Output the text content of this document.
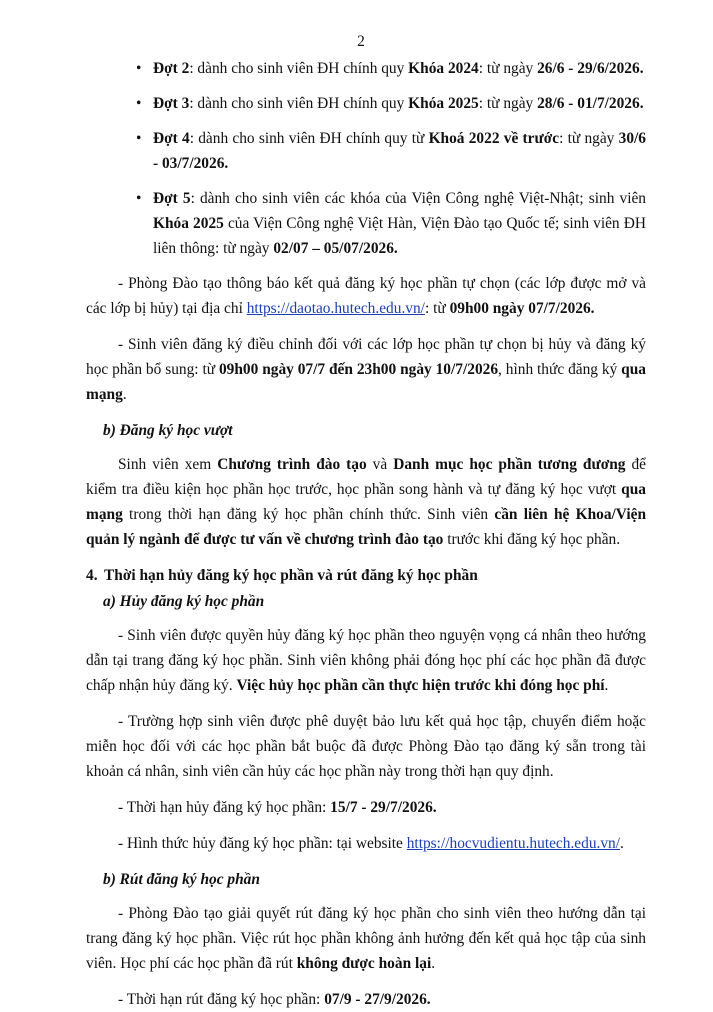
2
• Đợt 2: dành cho sinh viên ĐH chính quy Khóa 2024: từ ngày 26/6 - 29/6/2026.
• Đợt 3: dành cho sinh viên ĐH chính quy Khóa 2025: từ ngày 28/6 - 01/7/2026.
• Đợt 4: dành cho sinh viên ĐH chính quy từ Khoá 2022 về trước: từ ngày 30/6 - 03/7/2026.
• Đợt 5: dành cho sinh viên các khóa của Viện Công nghệ Việt-Nhật; sinh viên Khóa 2025 của Viện Công nghệ Việt Hàn, Viện Đào tạo Quốc tế; sinh viên ĐH liên thông: từ ngày 02/07 – 05/07/2026.

- Phòng Đào tạo thông báo kết quả đăng ký học phần tự chọn (các lớp được mở và các lớp bị hủy) tại địa chỉ https://daotao.hutech.edu.vn/: từ 09h00 ngày 07/7/2026.

- Sinh viên đăng ký điều chỉnh đối với các lớp học phần tự chọn bị hủy và đăng ký học phần bổ sung: từ 09h00 ngày 07/7 đến 23h00 ngày 10/7/2026, hình thức đăng ký qua mạng.

b) Đăng ký học vượt

Sinh viên xem Chương trình đào tạo và Danh mục học phần tương đương để kiểm tra điều kiện học phần học trước, học phần song hành và tự đăng ký học vượt qua mạng trong thời hạn đăng ký học phần chính thức. Sinh viên cần liên hệ Khoa/Viện quản lý ngành để được tư vấn về chương trình đào tạo trước khi đăng ký học phần.

4. Thời hạn hủy đăng ký học phần và rút đăng ký học phần
a) Hủy đăng ký học phần

- Sinh viên được quyền hủy đăng ký học phần theo nguyện vọng cá nhân theo hướng dẫn tại trang đăng ký học phần. Sinh viên không phải đóng học phí các học phần đã được chấp nhận hủy đăng ký. Việc hủy học phần cần thực hiện trước khi đóng học phí.

- Trường hợp sinh viên được phê duyệt bảo lưu kết quả học tập, chuyển điểm hoặc miễn học đối với các học phần bắt buộc đã được Phòng Đào tạo đăng ký sẵn trong tài khoản cá nhân, sinh viên cần hủy các học phần này trong thời hạn quy định.

- Thời hạn hủy đăng ký học phần: 15/7 - 29/7/2026.

- Hình thức hủy đăng ký học phần: tại website https://hocvudientu.hutech.edu.vn/.

b) Rút đăng ký học phần

- Phòng Đào tạo giải quyết rút đăng ký học phần cho sinh viên theo hướng dẫn tại trang đăng ký học phần. Việc rút học phần không ảnh hưởng đến kết quả học tập của sinh viên. Học phí các học phần đã rút không được hoàn lại.

- Thời hạn rút đăng ký học phần: 07/9 - 27/9/2026.
